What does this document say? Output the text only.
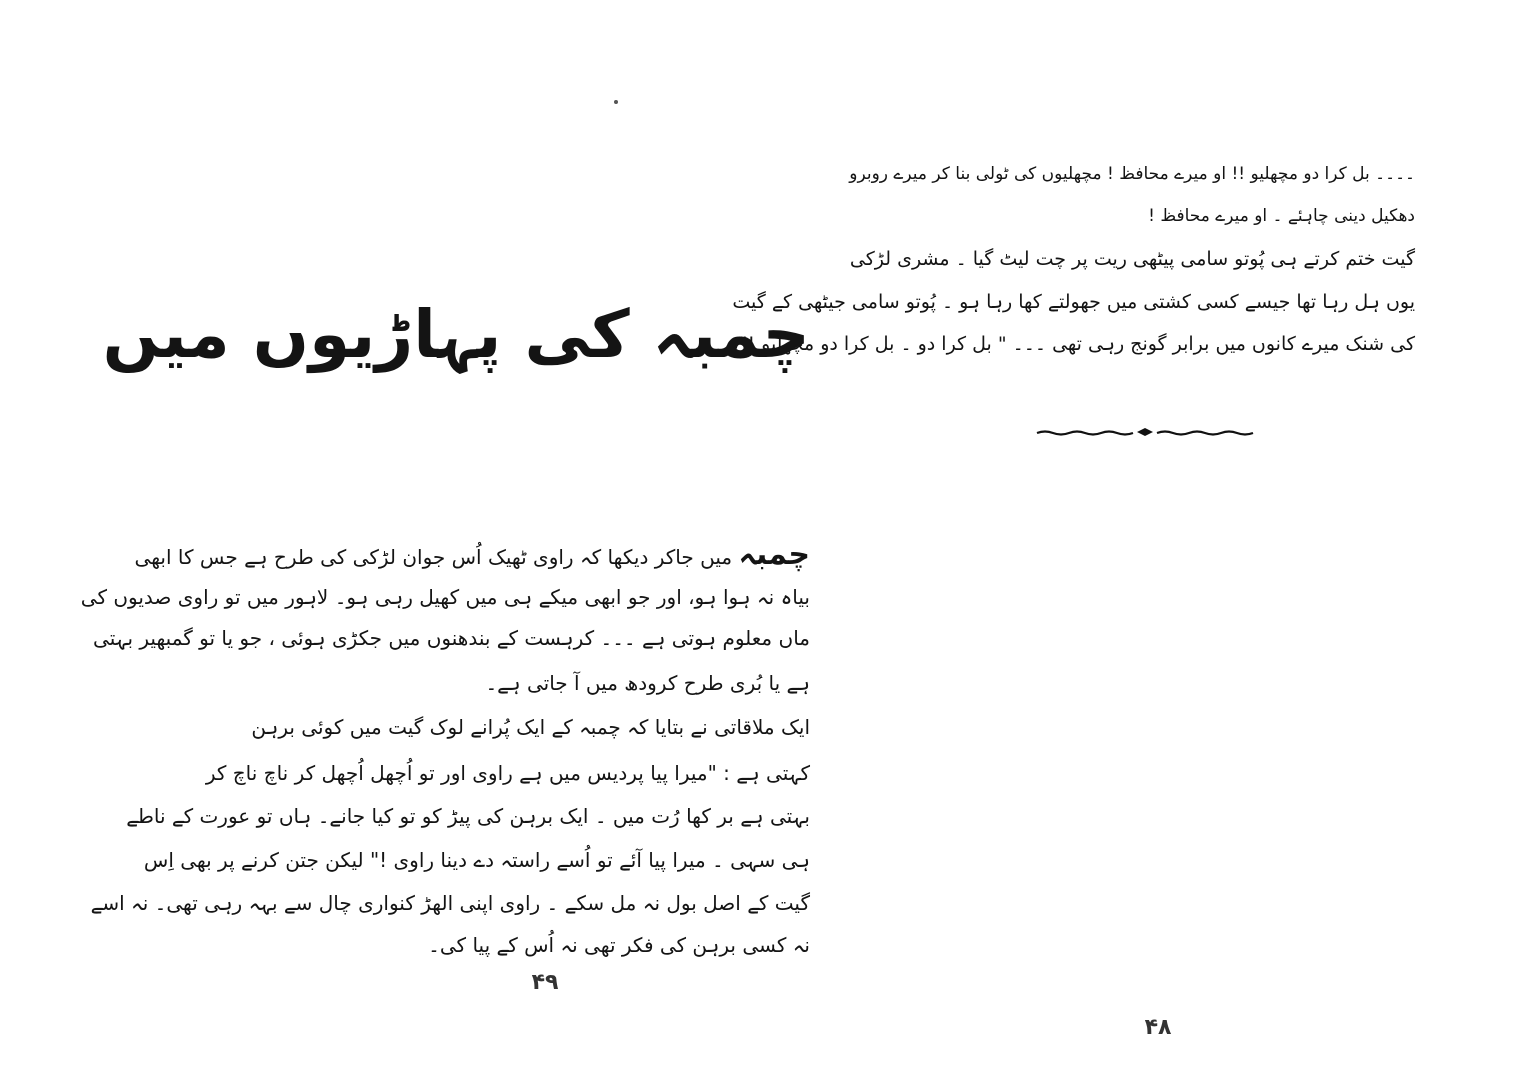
چمبہ کی پہاڑیوں میں
چمبہ میں جاکر دیکھا کہ راوی ٹھیک اُس جوان لڑکی کی طرح ہے جس کا ابھی
بیاہ نہ ہوا ہو، اور جو ابھی میکے ہی میں کھیل رہی ہو۔ لاہور میں تو راوی صدیوں کی
ماں معلوم ہوتی ہے ۔۔۔ کرہست کے بندھنوں میں جکڑی ہوئی ، جو یا تو گمبھیر بہتی
ہے یا بُری طرح کرودھ میں آ جاتی ہے۔
ایک ملاقاتی نے بتایا کہ چمبہ کے ایک پُرانے لوک گیت میں کوئی برہن
کہتی ہے : "میرا پیا پردیس میں ہے راوی اور تو اُچھل اُچھل کر ناچ ناچ کر
بہتی ہے بر کھا رُت میں ۔ ایک برہن کی پیڑ کو تو کیا جانے۔ ہاں تو عورت کے ناطے
ہی سہی ۔ میرا پیا آئے تو اُسے راستہ دے دینا راوی !" لیکن جتن کرنے پر بھی اِس
گیت کے اصل بول نہ مل سکے ۔ راوی اپنی الھڑ کنواری چال سے بہہ رہی تھی۔ نہ اسے
نہ کسی برہن کی فکر تھی نہ اُس کے پیا کی۔
۴۹
۔۔۔۔ بل کرا دو مچھلیو !! او میرے محافظ ! مچھلیوں کی ٹولی بنا کر میرے روبرو
دھکیل دینی چاہئے ۔ او میرے محافظ !
گیت ختم کرتے ہی پُوتو سامی پیٹھی ریت پر چت لیٹ گیا ۔ مشری لڑکی
یوں ہل رہا تھا جیسے کسی کشتی میں جھولتے کھا رہا ہو ۔ پُوتو سامی جیٹھی کے گیت
کی شنک میرے کانوں میں برابر گونج رہی تھی ۔۔۔ " بل کرا دو ۔ بل کرا دو مچھلیو !"
۴۸
